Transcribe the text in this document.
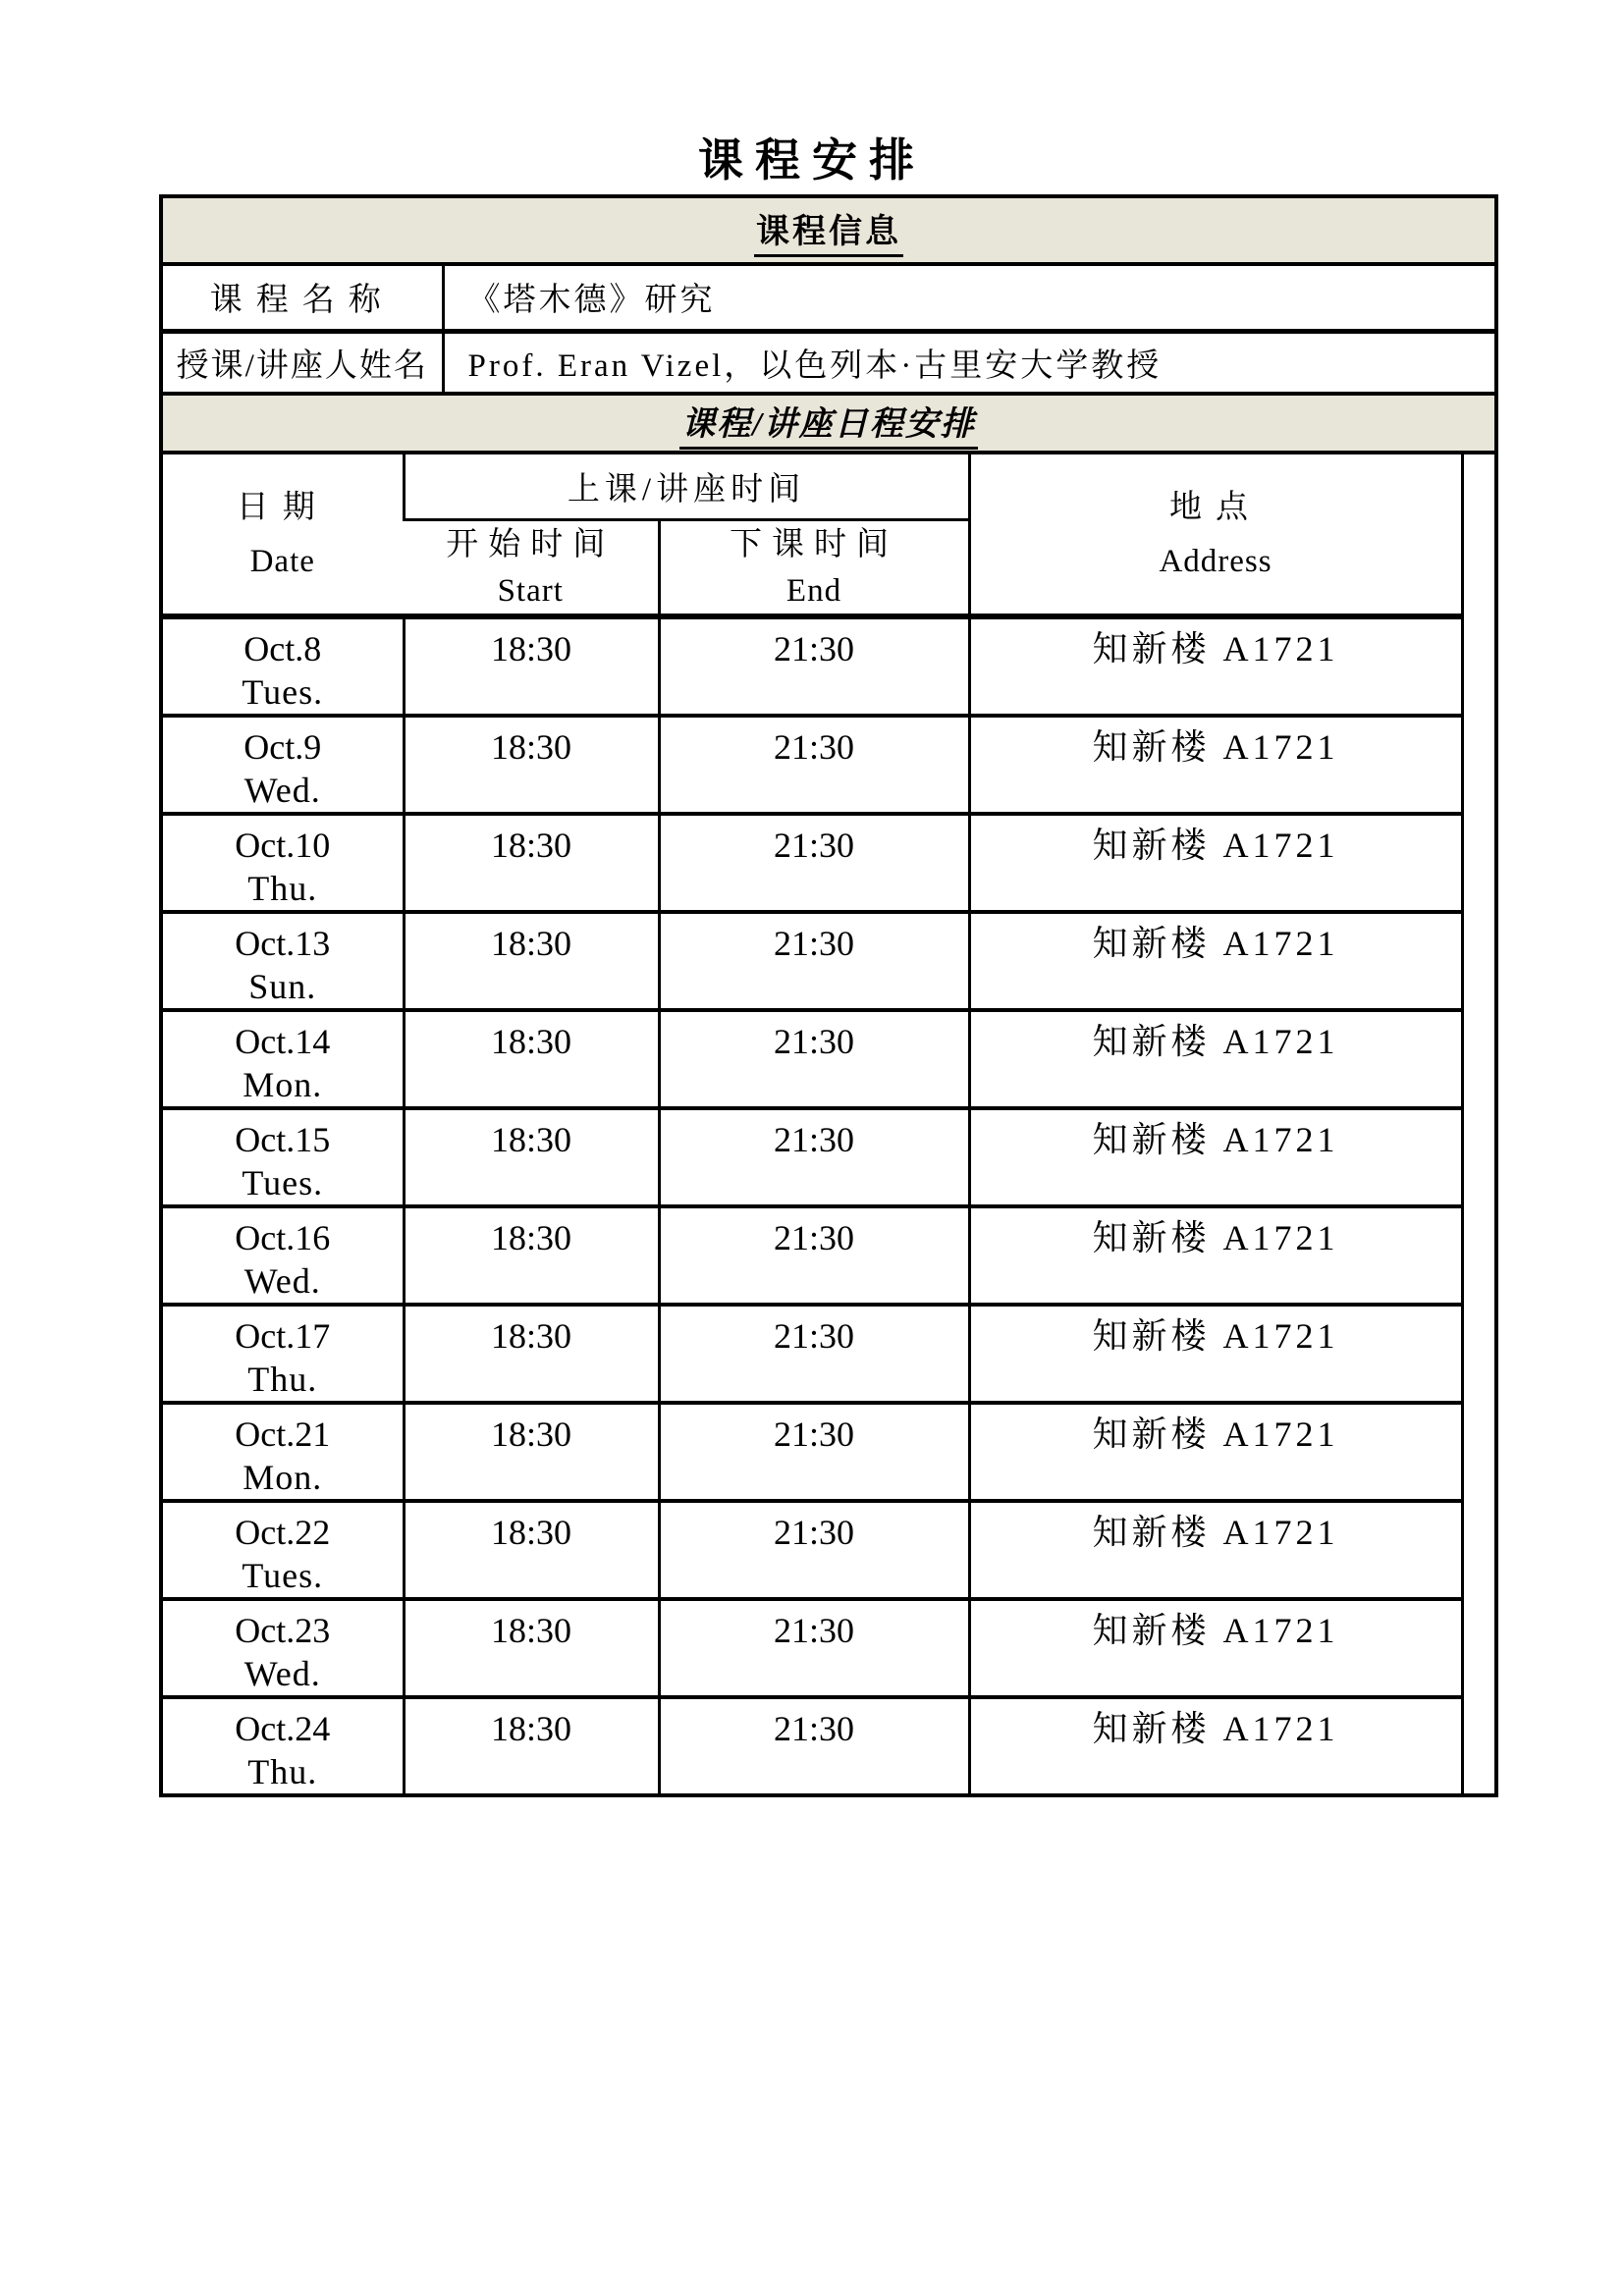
课程安排
课程信息	
课程名称	《塔木德》研究
授课/讲座人姓名	Prof. Eran Vizel，以色列本·古里安大学教授
课程/讲座日程安排	
日期
Date	上课/讲座时间		地点
Address	

	开始时间
Start	下课时间
End		

Oct.8
Tues.	18:30	21:30	知新楼 A1721	

Oct.9
Wed.	18:30	21:30	知新楼 A1721	

Oct.10
Thu.	18:30	21:30	知新楼 A1721	

Oct.13
Sun.	18:30	21:30	知新楼 A1721	

Oct.14
Mon.	18:30	21:30	知新楼 A1721	

Oct.15
Tues.	18:30	21:30	知新楼 A1721	

Oct.16
Wed.	18:30	21:30	知新楼 A1721	

Oct.17
Thu.	18:30	21:30	知新楼 A1721	

Oct.21
Mon.	18:30	21:30	知新楼 A1721	

Oct.22
Tues.	18:30	21:30	知新楼 A1721	

Oct.23
Wed.	18:30	21:30	知新楼 A1721	

Oct.24
Thu.	18:30	21:30	知新楼 A1721	
